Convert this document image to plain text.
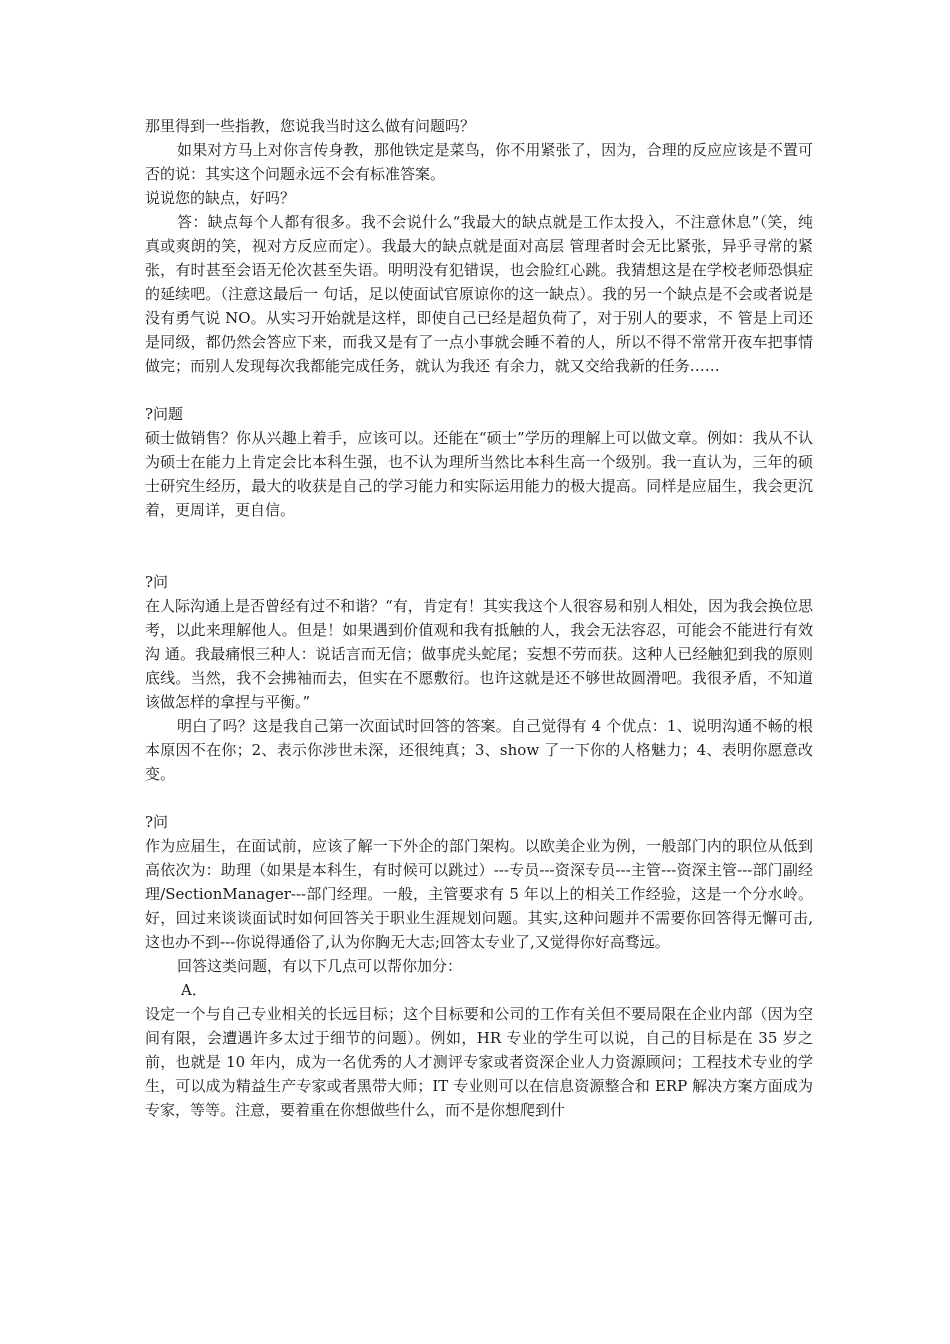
那里得到一些指教，您说我当时这么做有问题吗？

如果对方马上对你言传身教，那他铁定是菜鸟，你不用紧张了，因为，合理的反应应该是不置可否的说：其实这个问题永远不会有标准答案。

说说您的缺点，好吗？

答：缺点每个人都有很多。我不会说什么“我最大的缺点就是工作太投入，不注意休息”（笑，纯真或爽朗的笑，视对方反应而定）。我最大的缺点就是面对高层 管理者时会无比紧张，异乎寻常的紧张，有时甚至会语无伦次甚至失语。明明没有犯错误，也会脸红心跳。我猜想这是在学校老师恐惧症的延续吧。（注意这最后一 句话，足以使面试官原谅你的这一缺点）。我的另一个缺点是不会或者说是没有勇气说 NO。从实习开始就是这样，即使自己已经是超负荷了，对于别人的要求，不 管是上司还是同级，都仍然会答应下来，而我又是有了一点小事就会睡不着的人，所以不得不常常开夜车把事情做完；而别人发现每次我都能完成任务，就认为我还 有余力，就又交给我新的任务……

?问题

硕士做销售？你从兴趣上着手，应该可以。还能在“硕士”学历的理解上可以做文章。例如：我从不认为硕士在能力上肯定会比本科生强，也不认为理所当然比本科生高一个级别。我一直认为，三年的硕士研究生经历，最大的收获是自己的学习能力和实际运用能力的极大提高。同样是应届生，我会更沉着，更周详，更自信。

?问

在人际沟通上是否曾经有过不和谐？“有，肯定有！其实我这个人很容易和别人相处，因为我会换位思考，以此来理解他人。但是！如果遇到价值观和我有抵触的人，我会无法容忍，可能会不能进行有效沟 通。我最痛恨三种人：说话言而无信；做事虎头蛇尾；妄想不劳而获。这种人已经触犯到我的原则底线。当然，我不会拂袖而去，但实在不愿敷衍。也许这就是还不够世故圆滑吧。我很矛盾，不知道该做怎样的拿捏与平衡。”

明白了吗？这是我自己第一次面试时回答的答案。自己觉得有 4 个优点：1、说明沟通不畅的根本原因不在你；2、表示你涉世未深，还很纯真；3、show 了一下你的人格魅力；4、表明你愿意改变。

?问

作为应届生，在面试前，应该了解一下外企的部门架构。以欧美企业为例，一般部门内的职位从低到高依次为：助理（如果是本科生，有时候可以跳过）---专员---资深专员---主管---资深主管---部门副经理/SectionManager---部门经理。一般，主管要求有 5 年以上的相关工作经验，这是一个分水岭。好，回过来谈谈面试时如何回答关于职业生涯规划问题。其实,这种问题并不需要你回答得无懈可击,这也办不到---你说得通俗了,认为你胸无大志;回答太专业了,又觉得你好高骛远。

回答这类问题，有以下几点可以帮你加分：

A．

设定一个与自己专业相关的长远目标；这个目标要和公司的工作有关但不要局限在企业内部（因为空间有限，会遭遇许多太过于细节的问题）。例如，HR 专业的学生可以说，自己的目标是在 35 岁之前，也就是 10 年内，成为一名优秀的人才测评专家或者资深企业人力资源顾问；工程技术专业的学生，可以成为精益生产专家或者黑带大师；IT 专业则可以在信息资源整合和 ERP 解决方案方面成为专家，等等。注意，要着重在你想做些什么，而不是你想爬到什
